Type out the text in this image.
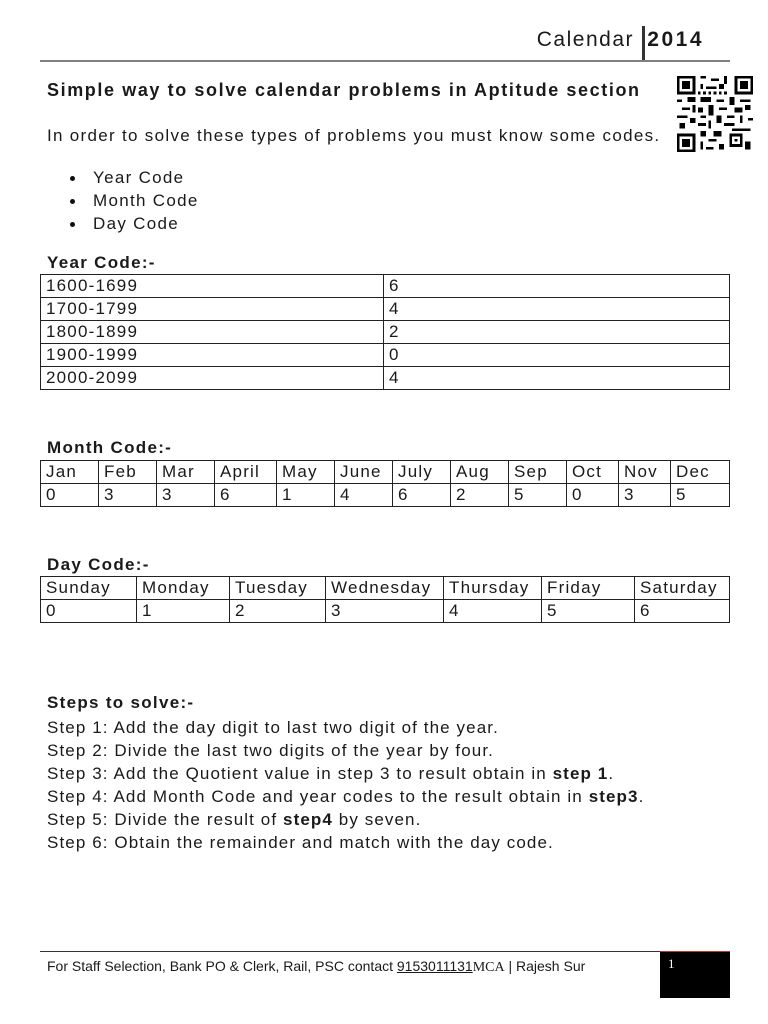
Calendar 2014
Simple way to solve calendar problems in Aptitude section
In order to solve these types of problems you must know some codes.
Year Code
Month Code
Day Code
Year Code:-
1600-1699	6
1700-1799	4
1800-1899	2
1900-1999	0
2000-2099	4
Month Code:-
Jan	Feb	Mar	April	May	June	July	Aug	Sep	Oct	Nov	Dec
0	3	3	6	1	4	6	2	5	0	3	5
Day Code:-
Sunday	Monday	Tuesday	Wednesday	Thursday	Friday	Saturday
0	1	2	3	4	5	6
Steps to solve:-
Step 1: Add the day digit to last two digit of the year.
Step 2: Divide the last two digits of the year by four.
Step 3: Add the Quotient value in step 3 to result obtain in step 1.
Step 4: Add Month Code and year codes to the result obtain in step3.
Step 5: Divide the result of step4 by seven.
Step 6: Obtain the remainder and match with the day code.
For Staff Selection, Bank PO & Clerk, Rail, PSC contact 9153011131MCA | Rajesh Sur	1
